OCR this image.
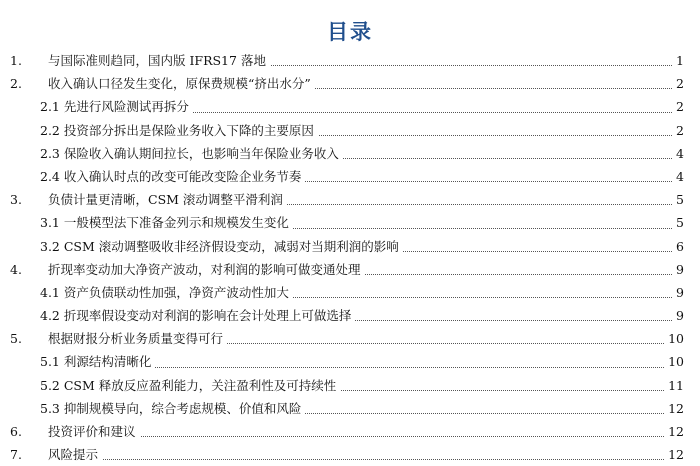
目录
1. 与国际准则趋同，国内版 IFRS17 落地	1
2. 收入确认口径发生变化，原保费规模“挤出水分”	2
2.1 先进行风险测试再拆分	2
2.2 投资部分拆出是保险业务收入下降的主要原因	2
2.3 保险收入确认期间拉长，也影响当年保险业务收入	4
2.4 收入确认时点的改变可能改变险企业务节奏	4
3. 负债计量更清晰，CSM 滚动调整平滑利润	5
3.1 一般模型法下准备金列示和规模发生变化	5
3.2 CSM 滚动调整吸收非经济假设变动，减弱对当期利润的影响	6
4. 折现率变动加大净资产波动，对利润的影响可做变通处理	9
4.1 资产负债联动性加强，净资产波动性加大	9
4.2 折现率假设变动对利润的影响在会计处理上可做选择	9
5. 根据财报分析业务质量变得可行	10
5.1 利源结构清晰化	10
5.2 CSM 释放反应盈利能力，关注盈利性及可持续性	11
5.3 抑制规模导向，综合考虑规模、价值和风险	12
6. 投资评价和建议	12
7. 风险提示	12
